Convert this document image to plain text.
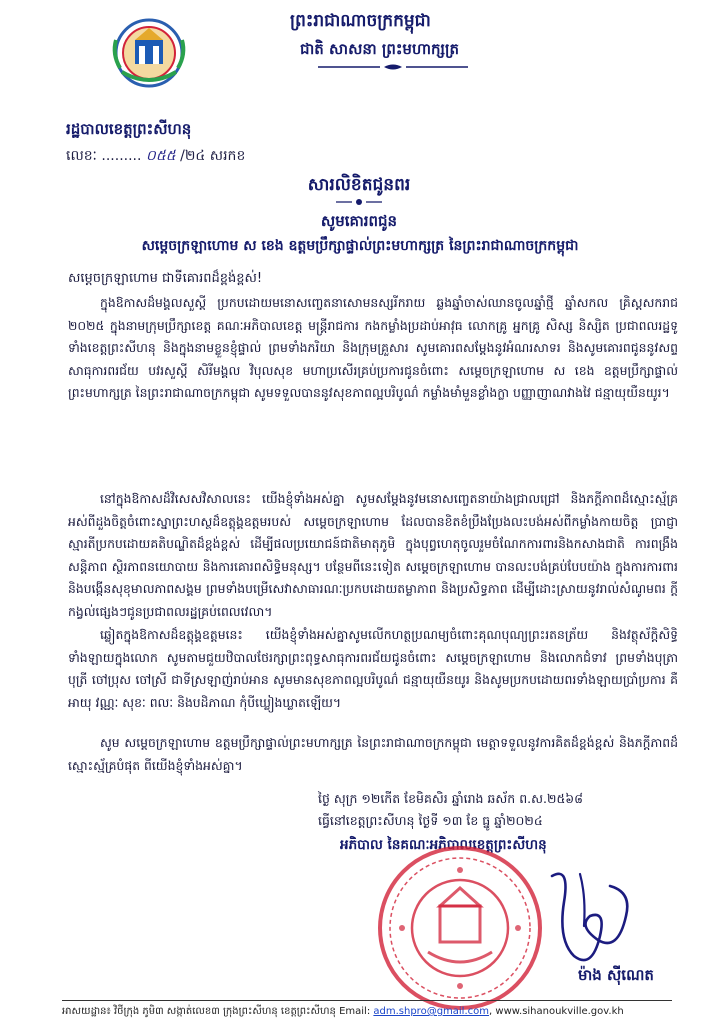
ព្រះរាជាណាចក្រកម្ពុជា
ជាតិ សាសនា ព្រះមហាក្សត្រ
រដ្ឋបាលខេត្តព្រះសីហនុ
លេខៈ ......... ០៥៥ /២៤ សរកខ
សារលិខិតជូនពរ
សូមគោរពជូន
សម្តេចក្រឡាហោម ស ខេង ឧត្តមប្រឹក្សាផ្ទាល់ព្រះមហាក្សត្រ នៃព្រះរាជាណាចក្រកម្ពុជា
សម្តេចក្រឡាហោម ជាទីគោរពដ៏ខ្ពង់ខ្ពស់!

ក្នុងឱកាសដ៏មង្គលសួស្តី ប្រកបដោយមនោសញ្ចេតនាសោមនស្សរីករាយ ឆ្លងឆ្នាំចាស់ឈានចូលឆ្នាំថ្មី ឆ្នាំសកល គ្រិស្តសករាជ ២០២៥ ក្នុងនាមក្រុមប្រឹក្សាខេត្ត គណៈអភិបាលខេត្ត មន្ត្រីរាជការ កងកម្លាំងប្រដាប់អាវុធ លោកគ្រូ អ្នកគ្រូ សិស្ស និស្សិត ប្រជាពលរដ្ឋទូទាំងខេត្តព្រះសីហនុ និងក្នុងនាមខ្លួនខ្ញុំផ្ទាល់ ព្រមទាំងភរិយា និងក្រុមគ្រួសារ សូមគោរពសម្តែងនូវអំណរសាទរ និងសូមគោរពជូននូវសព្ទសាធុការពរជ័យ បវរសួស្តី សិរីមង្គល វិបុលសុខ មហាប្រសើរគ្រប់ប្រការជូនចំពោះ សម្តេចក្រឡាហោម ស ខេង ឧត្តមប្រឹក្សាផ្ទាល់ព្រះមហាក្សត្រ នៃព្រះរាជាណាចក្រកម្ពុជា សូមទទួលបាននូវសុខភាពល្អបរិបូណ៌ កម្លាំងមាំមួនខ្លាំងក្លា បញ្ញាញាណវាងវៃ ជន្មាយុយឺនយូរ។

នៅក្នុងឱកាសដ៏វិសេសវិសាលនេះ យើងខ្ញុំទាំងអស់គ្នា សូមសម្តែងនូវមនោសញ្ចេតនាយ៉ាងជ្រាលជ្រៅ និងភក្តីភាពដ៏ស្មោះស្ម័គ្រអស់ពីដួងចិត្តចំពោះស្នាព្រះហស្ថដ៏ឧត្តុង្គឧត្តមរបស់ សម្តេចក្រឡាហោម ដែលបានខិតខំប្រឹងប្រែងលះបង់អស់ពីកម្លាំងកាយចិត្ត ប្រាជ្ញាស្មារតីប្រកបដោយគតិបណ្ឌិតដ៏ខ្ពង់ខ្ពស់ ដើម្បីផលប្រយោជន៍ជាតិមាតុភូមិ ក្នុងបុព្វហេតុចូលរួមចំណែកការពារនិងកសាងជាតិ ការពង្រឹងសន្តិភាព ស្ថិរភាពនយោបាយ និងការគោរពសិទ្ធិមនុស្ស។ បន្ថែមពីនេះទៀត សម្តេចក្រឡាហោម បានលះបង់គ្រប់បែបយ៉ាង ក្នុងការការពារនិងបង្កើនសុខុមាលភាពសង្គម ព្រមទាំងបម្រើសេវាសាធារណៈប្រកបដោយតម្លាភាព និងប្រសិទ្ធភាព ដើម្បីដោះស្រាយនូវរាល់សំណូមពរ ក្តីកង្វល់ផ្សេងៗជូនប្រជាពលរដ្ឋគ្រប់ពេលវេលា។

ឆ្លៀតក្នុងឱកាសដ៏ឧត្តុង្គឧត្តមនេះ យើងខ្ញុំទាំងអស់គ្នាសូមលើកហត្ថប្រណម្យចំពោះគុណបុណ្យព្រះរតនត្រ័យ និងវត្ថុស័ក្តិសិទ្ធិទាំងឡាយក្នុងលោក សូមតាមជួយឋិបាលថែរក្សាព្រះពុទ្ធសាធុការពរជ័យជូនចំពោះ សម្តេចក្រឡាហោម និងលោកជំទាវ ព្រមទាំងបុត្រា បុត្រី ចៅប្រុស ចៅស្រី ជាទីស្រឡាញ់រាប់អាន សូមមានសុខភាពល្អបរិបូណ៌ ជន្មាយុយឺនយូរ និងសូមប្រកបដោយពរទាំងឡាយប្រាំប្រការ គឺ អាយុ វណ្ណៈ សុខៈ ពលៈ និងបដិភាណ កុំបីឃ្លៀងឃ្លាតឡើយ។

សូម សម្តេចក្រឡាហោម ឧត្តមប្រឹក្សាផ្ទាល់ព្រះមហាក្សត្រ នៃព្រះរាជាណាចក្រកម្ពុជា មេត្តាទទួលនូវការគិតដ៏ខ្ពង់ខ្ពស់ និងភក្តីភាពដ៏ស្មោះស្ម័គ្របំផុត ពីយើងខ្ញុំទាំងអស់គ្នា។

ថ្ងៃ សុក្រ ១២កើត ខែមិគសិរ ឆ្នាំរោង ឆស័ក ព.ស.២៥៦៨
ធ្វើនៅខេត្តព្រះសីហនុ ថ្ងៃទី ១៣ ខែ ធ្នូ ឆ្នាំ២០២៤
អភិបាល នៃគណៈអភិបាលខេត្តព្រះសីហនុ
ម៉ាង ស៊ីណេត
អាសយដ្ឋាន៖ វិថីក្រុង ភូមិ៣ សង្កាត់លេខ៣ ក្រុងព្រះសីហនុ ខេត្តព្រះសីហនុ Email: adm.shpro@gmail.com, www.sihanoukville.gov.kh
